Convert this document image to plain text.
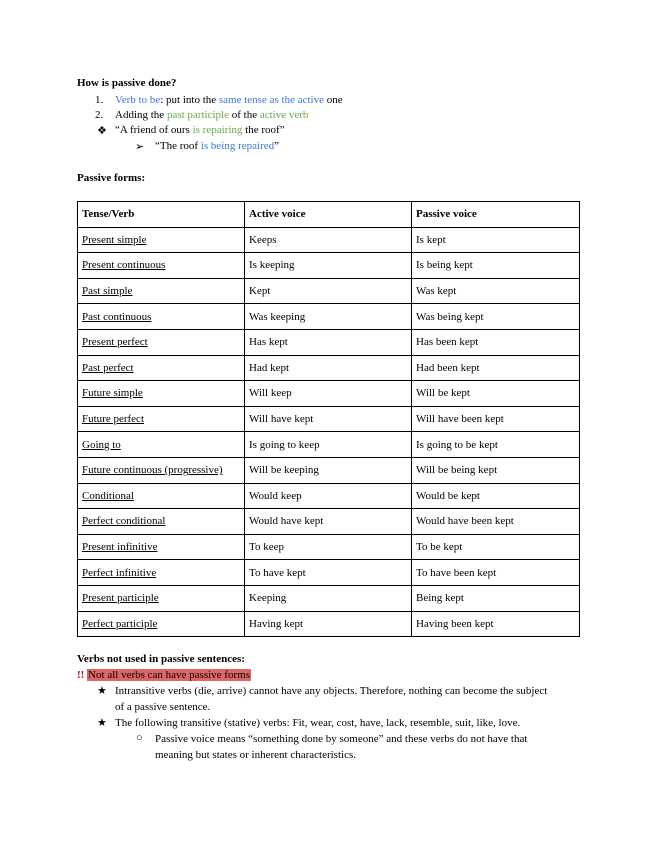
How is passive done?
1. Verb to be: put into the same tense as the active one
2. Adding the past participle of the active verb
❖ “A friend of ours is repairing the roof”
➢ “The roof is being repaired”
Passive forms:
Tense/Verb	Active voice	Passive voice
Present simple	Keeps	Is kept
Present continuous	Is keeping	Is being kept
Past simple	Kept	Was kept
Past continuous	Was keeping	Was being kept
Present perfect	Has kept	Has been kept
Past perfect	Had kept	Had been kept
Future simple	Will keep	Will be kept
Future perfect	Will have kept	Will have been kept
Going to	Is going to keep	Is going to be kept
Future continuous (progressive)	Will be keeping	Will be being kept
Conditional	Would keep	Would be kept
Perfect conditional	Would have kept	Would have been kept
Present infinitive	To keep	To be kept
Perfect infinitive	To have kept	To have been kept
Present participle	Keeping	Being kept
Perfect participle	Having kept	Having been kept
Verbs not used in passive sentences:
!! Not all verbs can have passive forms
★ Intransitive verbs (die, arrive) cannot have any objects. Therefore, nothing can become the subject of a passive sentence.
★ The following transitive (stative) verbs: Fit, wear, cost, have, lack, resemble, suit, like, love.
○ Passive voice means “something done by someone” and these verbs do not have that meaning but states or inherent characteristics.
